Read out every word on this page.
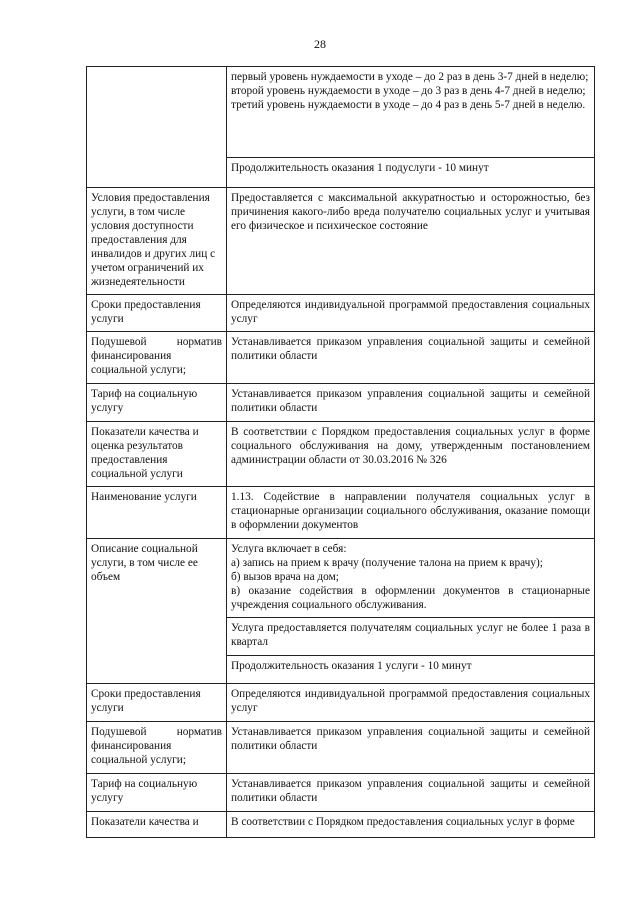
28

	первый уровень нуждаемости в уходе – до 2 раз в день 3-7 дней в неделю;

второй уровень нуждаемости в уходе – до 3 раз в день 4-7 дней в неделю;

третий уровень нуждаемости в уходе – до 4 раз в день 5-7 дней в неделю.

	Продолжительность оказания 1 подуслуги - 10 минут

Условия предоставления услуги, в том числе условия доступности предоставления для инвалидов и других лиц с учетом ограничений их жизнедеятельности	Предоставляется с максимальной аккуратностью и осторожностью, без причинения какого-либо вреда получателю социальных услуг и учитывая его физическое и психическое состояние

Сроки предоставления услуги	Определяются индивидуальной программой предоставления социальных услуг

Подушевой норматив финансирования социальной услуги;	Устанавливается приказом управления социальной защиты и семейной политики области

Тариф на социальную услугу	Устанавливается приказом управления социальной защиты и семейной политики области

Показатели качества и оценка результатов предоставления социальной услуги	В соответствии с Порядком предоставления социальных услуг в форме социального обслуживания на дому, утвержденным постановлением администрации области от 30.03.2016 № 326

Наименование услуги	1.13. Содействие в направлении получателя социальных услуг в стационарные организации социального обслуживания, оказание помощи в оформлении документов

Описание социальной услуги, в том числе ее объем	Услуга включает в себя:

а) запись на прием к врачу (получение талона на прием к врачу);

б) вызов врача на дом;

в) оказание содействия в оформлении документов в стационарные учреждения социального обслуживания.

	Услуга предоставляется получателям социальных услуг не более 1 раза в квартал

	Продолжительность оказания 1 услуги - 10 минут

Сроки предоставления услуги	Определяются индивидуальной программой предоставления социальных услуг

Подушевой норматив финансирования социальной услуги;	Устанавливается приказом управления социальной защиты и семейной политики области

Тариф на социальную услугу	Устанавливается приказом управления социальной защиты и семейной политики области

Показатели качества и	В соответствии с Порядком предоставления социальных услуг в форме
